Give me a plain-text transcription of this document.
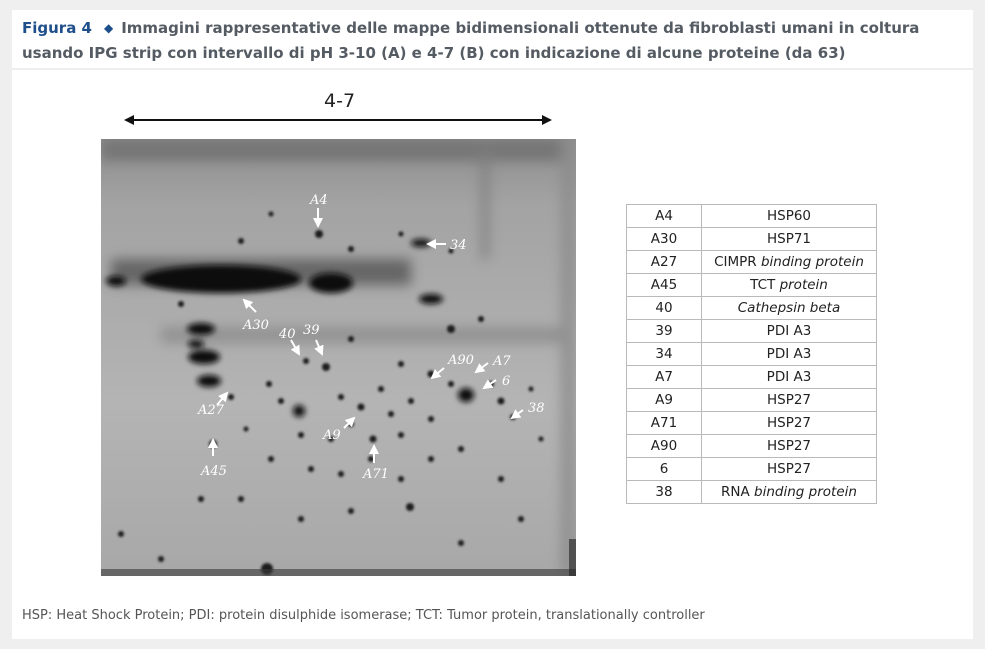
Figura 4 ◆ Immagini rappresentative delle mappe bidimensionali ottenute da fibroblasti umani in coltura usando IPG strip con intervallo di pH 3-10 (A) e 4-7 (B) con indicazione di alcune proteine (da 63)
4-7
A4
34
A30
40 39
A90 A7
6
38
A27
A9
A45	A71
A4	HSP60
A30	HSP71
A27	CIMPR binding protein
A45	TCT protein
40	Cathepsin beta
39	PDI A3
34	PDI A3
A7	PDI A3
A9	HSP27
A71	HSP27
A90	HSP27
6	HSP27
38	RNA binding protein
HSP: Heat Shock Protein; PDI: protein disulphide isomerase; TCT: Tumor protein, translationally controller
